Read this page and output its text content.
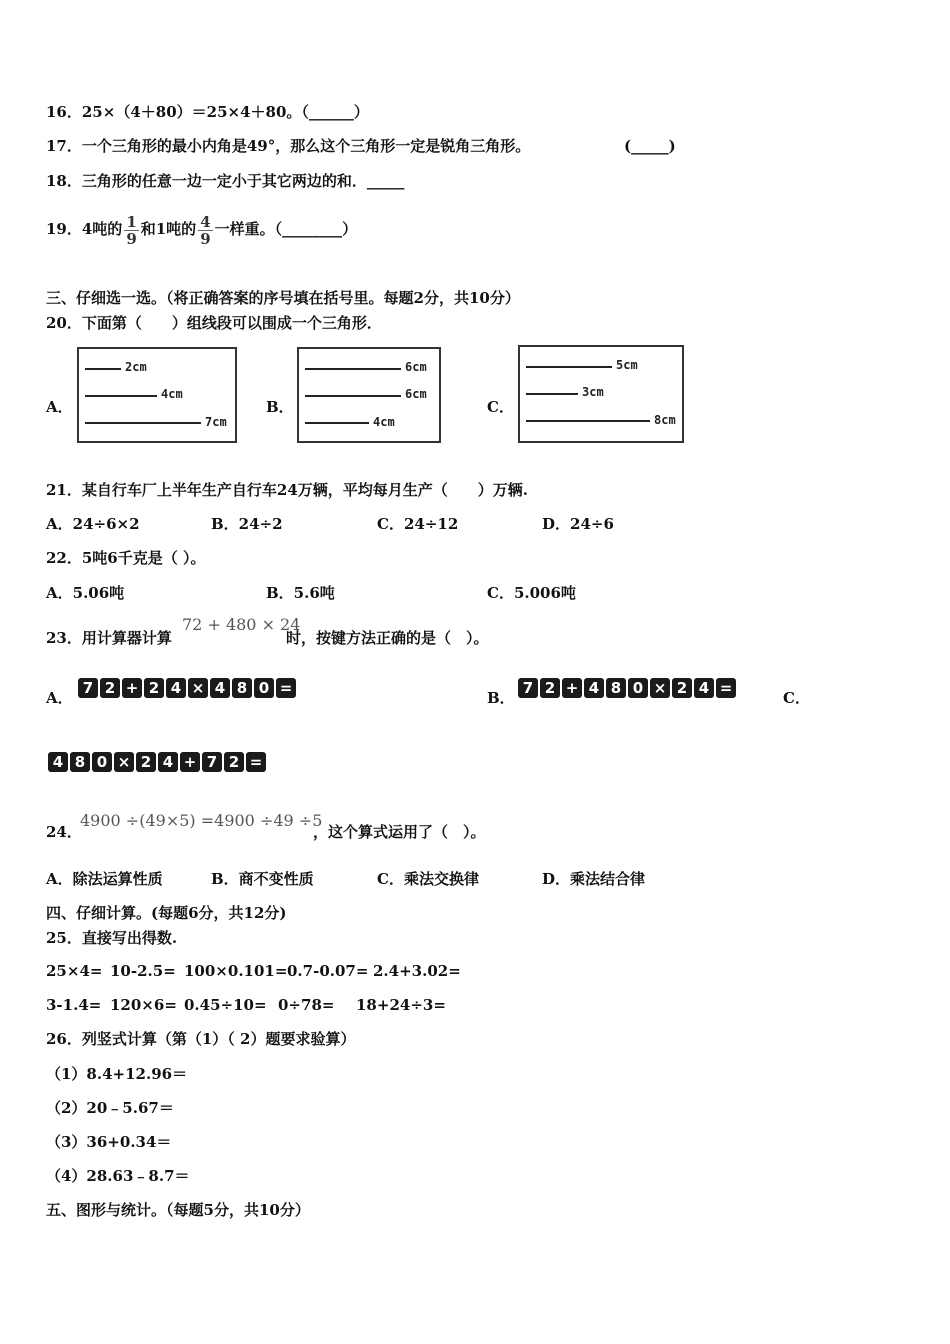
16．25×（4＋80）＝25×4＋80。（______）
17．一个三角形的最小内角是49°，那么这个三角形一定是锐角三角形。	(_____)
18．三角形的任意一边一定小于其它两边的和．_____
19．4吨的 $\frac{1}{9}$ 和1吨的 $\frac{4}{9}$ 一样重。（________）
三、仔细选一选。（将正确答案的序号填在括号里。每题2分，共10分）
20．下面第（　　）组线段可以围成一个三角形．
A．
2cm
4cm
7cm
B．
6cm
6cm
4cm
C．
5cm
3cm
8cm
21．某自行车厂上半年生产自行车24万辆，平均每月生产（　　）万辆.
A．24÷6×2	B．24÷2	C．24÷12	D．24÷6
22．5吨6千克是（ ）。
A．5.06吨	B．5.6吨	C．5.006吨
23．用计算器计算
72 + 480 × 24
时，按键方法正确的是（　）。
A．
7 2 + 2 4 × 4 8 0 =
B．
7 2 + 4 8 0 × 2 4 =
C．
4 8 0 × 2 4 + 7 2 =
24．
4900 ÷(49×5) =4900 ÷49 ÷5
，这个算式运用了（　）。
A．除法运算性质	B．商不变性质	C．乘法交换律	D．乘法结合律
四、仔细计算。(每题6分，共12分)
25．直接写出得数.
25×4= 10-2.5= 100×0.101= 0.7-0.07= 2.4+3.02=
3-1.4= 120×6= 0.45÷10= 0÷78= 18+24÷3=
26．列竖式计算（第（1）（ 2）题要求验算）
（1）8.4+12.96＝
（2）20﹣5.67＝
（3）36+0.34＝
（4）28.63﹣8.7＝
五、图形与统计。（每题5分，共10分）
